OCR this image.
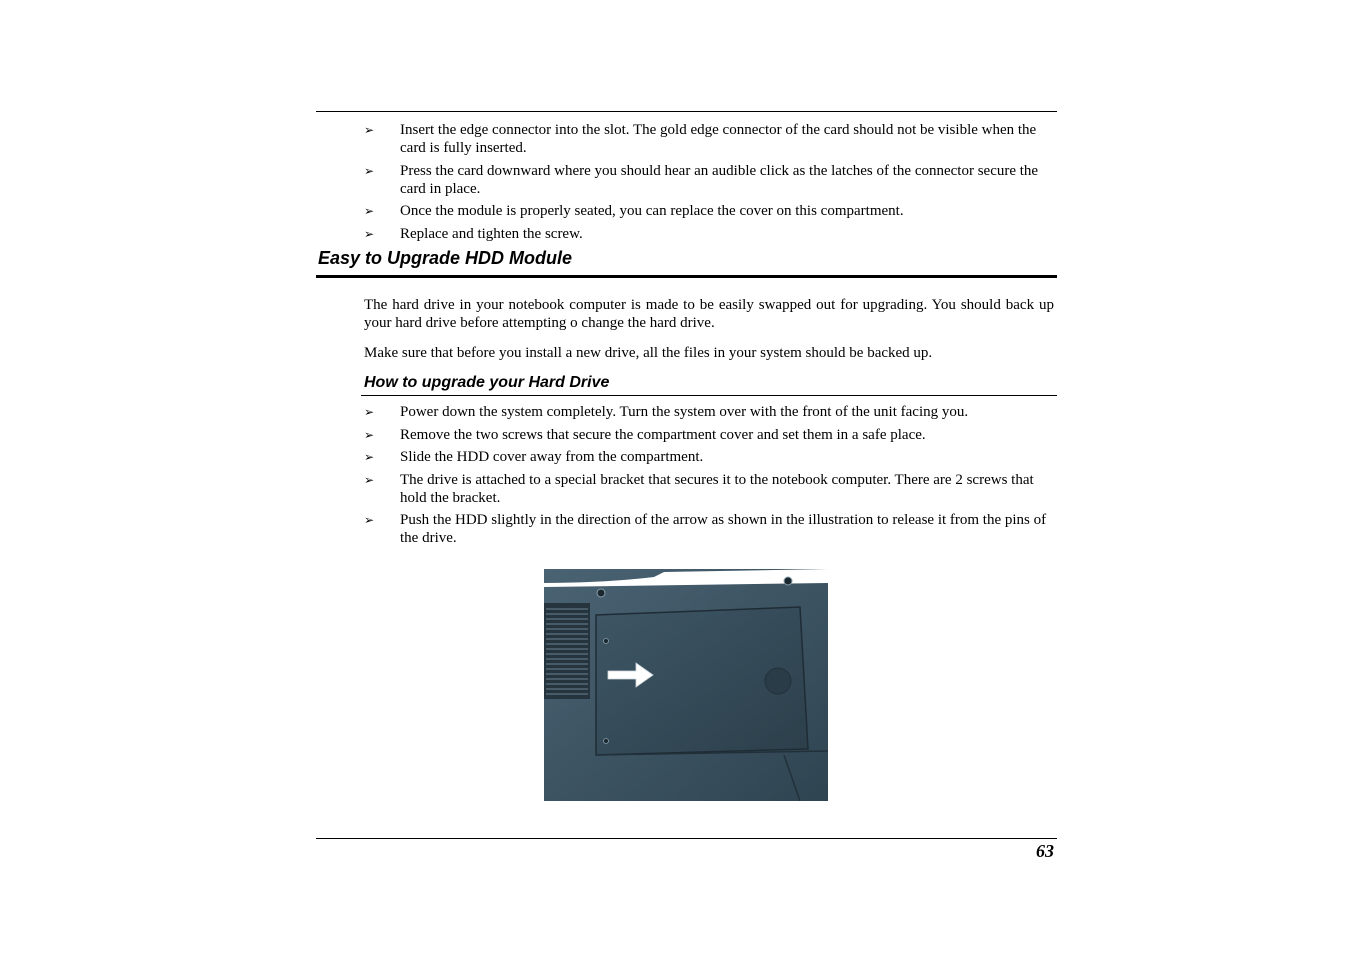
➢ Insert the edge connector into the slot. The gold edge connector of the card should not be visible when the card is fully inserted.
➢ Press the card downward where you should hear an audible click as the latches of the connector secure the card in place.
➢ Once the module is properly seated, you can replace the cover on this compartment.
➢ Replace and tighten the screw.
Easy to Upgrade HDD Module

The hard drive in your notebook computer is made to be easily swapped out for upgrading. You should back up your hard drive before attempting o change the hard drive.

Make sure that before you install a new drive, all the files in your system should be backed up.

How to upgrade your Hard Drive
➢ Power down the system completely. Turn the system over with the front of the unit facing you.
➢ Remove the two screws that secure the compartment cover and set them in a safe place.
➢ Slide the HDD cover away from the compartment.
➢ The drive is attached to a special bracket that secures it to the notebook computer. There are 2 screws that hold the bracket.
➢ Push the HDD slightly in the direction of the arrow as shown in the illustration to release it from the pins of the drive.
63
